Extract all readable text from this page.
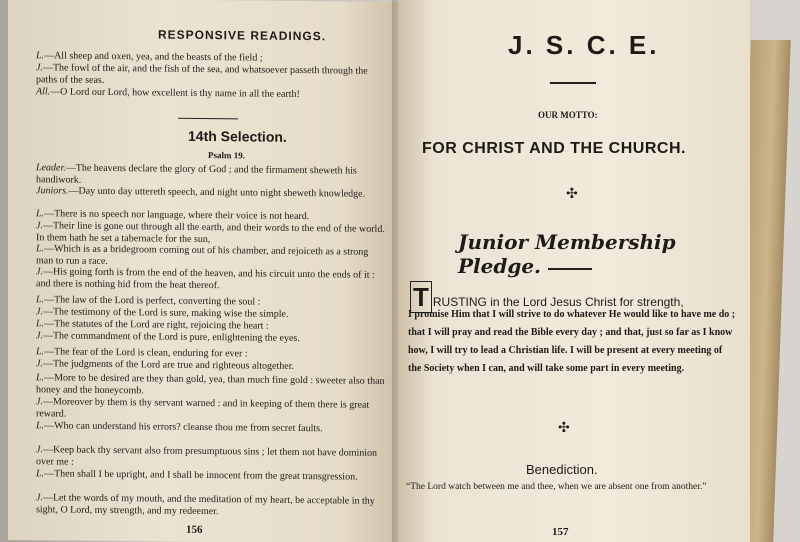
RESPONSIVE READINGS.
L.—All sheep and oxen, yea, and the beasts of the field ;
J.—The fowl of the air, and the fish of the sea, and whatsoever passeth through the paths of the seas.
All.—O Lord our Lord, how excellent is thy name in all the earth!
14th Selection.
Psalm 19.
Leader.—The heavens declare the glory of God ; and the firmament sheweth his handiwork.
Juniors.—Day unto day uttereth speech, and night unto night sheweth knowledge.
L.—There is no speech nor language, where their voice is not heard.
J.—Their line is gone out through all the earth, and their words to the end of the world. In them hath he set a tabernacle for the sun,
L.—Which is as a bridegroom coming out of his chamber, and rejoiceth as a strong man to run a race.
J.—His going forth is from the end of the heaven, and his circuit unto the ends of it : and there is nothing hid from the heat thereof.
L.—The law of the Lord is perfect, converting the soul :
J.—The testimony of the Lord is sure, making wise the simple.
L.—The statutes of the Lord are right, rejoicing the heart :
J.—The commandment of the Lord is pure, enlightening the eyes.
L.—The fear of the Lord is clean, enduring for ever :
J.—The judgments of the Lord are true and righteous altogether.
L.—More to be desired are they than gold, yea, than much fine gold : sweeter also than honey and the honeycomb.
J.—Moreover by them is thy servant warned : and in keeping of them there is great reward.
L.—Who can understand his errors? cleanse thou me from secret faults.
J.—Keep back thy servant also from presumptuous sins ; let them not have dominion over me :
L.—Then shall I be upright, and I shall be innocent from the great transgression.
J.—Let the words of my mouth, and the meditation of my heart, be acceptable in thy sight, O Lord, my strength, and my redeemer.
156
J. S. C. E.
OUR MOTTO:
FOR CHRIST AND THE CHURCH.
✣
Junior Membership Pledge.
T RUSTING in the Lord Jesus Christ for strength,
I promise Him that I will strive to do whatever He would like to have me do ; that I will pray and read the Bible every day ; and that, just so far as I know how, I will try to lead a Christian life. I will be present at every meeting of the Society when I can, and will take some part in every meeting.
✣
Benediction.
“The Lord watch between me and thee, when we are absent one from another.”
157
